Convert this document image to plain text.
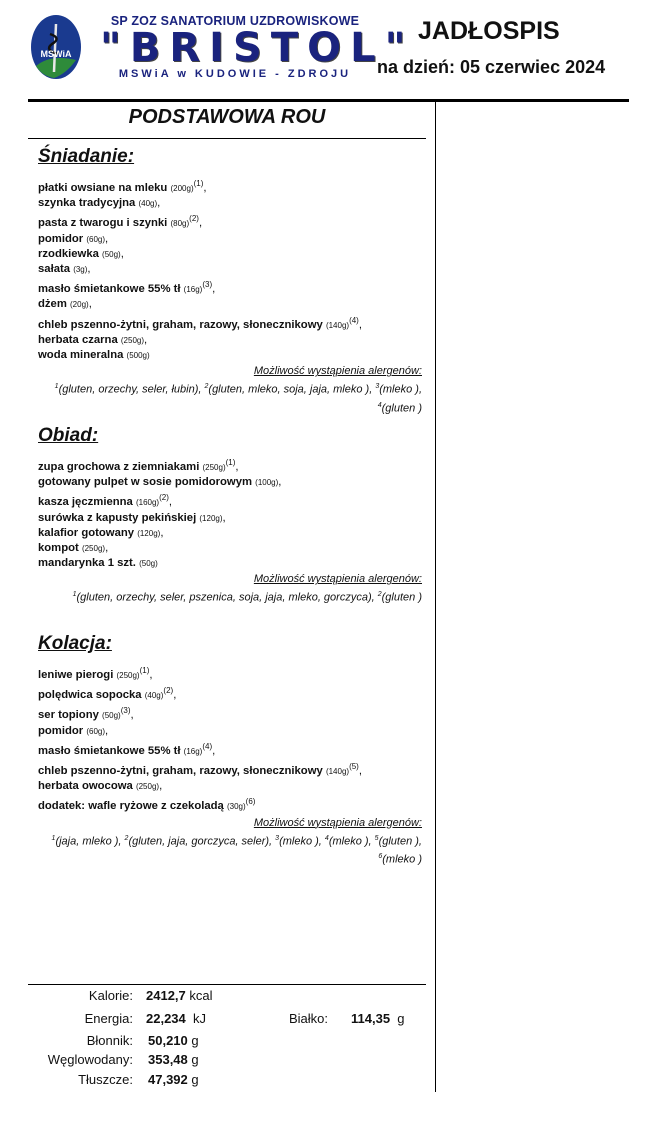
MSWiA
SP ZOZ SANATORIUM UZDROWISKOWE
"BRISTOL"
MSWiA w KUDOWIE - ZDROJU
JADŁOSPIS
na dzień: 05 czerwiec 2024
PODSTAWOWA ROU
Śniadanie:
płatki owsiane na mleku $(200g)^{(1)}$,
szynka tradycyjna (40g),
pasta z twarogu i szynki $(80g)^{(2)}$,
pomidor (60g),
rzodkiewka (50g),
sałata (3g),
masło śmietankowe 55% tł $(16g)^{(3)}$,
dżem (20g),
chleb pszenno-żytni, graham, razowy, słonecznikowy $(140g)^{(4)}$,
herbata czarna (250g),
woda mineralna (500g)
Możliwość wystąpienia alergenów:
$^1$(gluten, orzechy, seler, łubin), $^2$(gluten, mleko, soja, jaja, mleko ), $^3$(mleko ), $^4$(gluten )
Obiad:
zupa grochowa z ziemniakami $(250g)^{(1)}$,
gotowany pulpet w sosie pomidorowym (100g),
kasza jęczmienna $(160g)^{(2)}$,
surówka z kapusty pekińskiej (120g),
kalafior gotowany (120g),
kompot (250g),
mandarynka 1 szt. (50g)
Możliwość wystąpienia alergenów:
$^1$(gluten, orzechy, seler, pszenica, soja, jaja, mleko, gorczyca), $^2$(gluten )
Kolacja:
leniwe pierogi $(250g)^{(1)}$,
polędwica sopocka $(40g)^{(2)}$,
ser topiony $(50g)^{(3)}$,
pomidor (60g),
masło śmietankowe 55% tł $(16g)^{(4)}$,
chleb pszenno-żytni, graham, razowy, słonecznikowy $(140g)^{(5)}$,
herbata owocowa (250g),
dodatek: wafle ryżowe z czekoladą $(30g)^{(6)}$
Możliwość wystąpienia alergenów:
$^1$(jaja, mleko ), $^2$(gluten, jaja, gorczyca, seler), $^3$(mleko ), $^4$(mleko ), $^5$(gluten ), $^6$(mleko )
Kalorie:
Energia:
Błonnik:
Węglowodany:
Tłuszcze:
2412,7 kcal
22,234 kJ
50,210 g
353,48 g
47,392 g
Białko: 114,35 g
